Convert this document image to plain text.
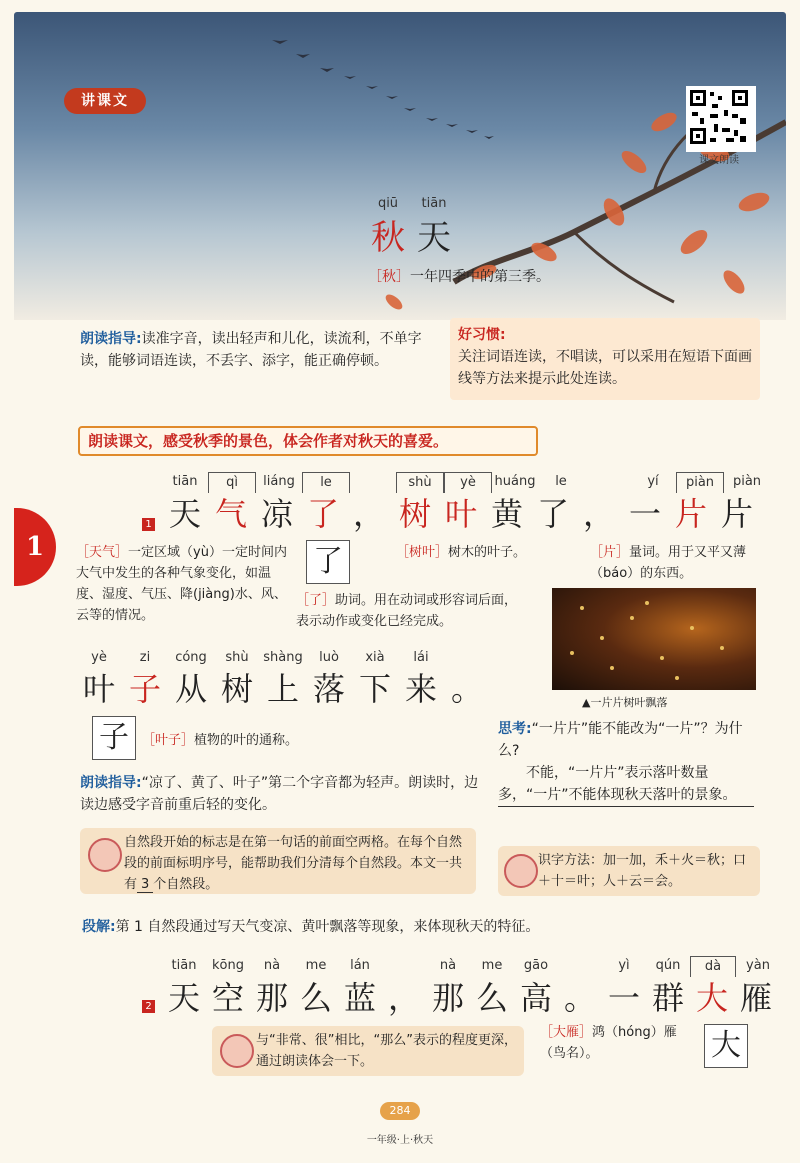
讲课文
课文朗读
qiū	tiān
秋 天
［秋］一年四季中的第三季。
朗读指导:读准字音，读出轻声和儿化，读流利，不单字读，能够词语连读，不丢字、添字，能正确停顿。
好习惯:
关注词语连读，不唱读，可以采用在短语下面画线等方法来提示此处连读。
朗读课文，感受秋季的景色，体会作者对秋天的喜爱。
1
tiān	qì	liáng	le	shù	yè	huáng	le	yí	piàn	piàn
天 气 凉 了 ， 树 叶 黄 了 ， 一 片 片
1
［天气］一定区域（yù）一定时间内大气中发生的各种气象变化，如温度、湿度、气压、降(jiàng)水、风、云等的情况。
了
［了］助词。用在动词或形容词后面，表示动作或变化已经完成。
［树叶］树木的叶子。	［片］量词。用于又平又薄（báo）的东西。
▲一片片树叶飘落
yè	zi	cóng	shù	shàng	luò	xià	lái
叶 子 从 树 上 落 下 来 。
子	［叶子］植物的叶的通称。
朗读指导:“凉了、黄了、叶子”第二个字音都为轻声。朗读时，边读边感受字音前重后轻的变化。
思考:“一片片”能不能改为“一片”？为什么?
不能，“一片片”表示落叶数量多，“一片”不能体现秋天落叶的景象。
自然段开始的标志是在第一句话的前面空两格。在每个自然段的前面标明序号，能帮助我们分清每个自然段。本文一共有 3 个自然段。
识字方法：加一加，禾＋火＝秋；口＋十＝叶；人＋云＝会。
段解:第 1 自然段通过写天气变凉、黄叶飘落等现象，来体现秋天的特征。
tiān	kōng	nà	me	lán	nà	me	gāo	yì	qún	dà	yàn
天 空 那 么 蓝 ， 那 么 高 。 一 群 大 雁
2
与“非常、很”相比，“那么”表示的程度更深，通过朗读体会一下。
［大雁］鸿（hóng）雁（鸟名）。	大
284
一年级·上·秋天
